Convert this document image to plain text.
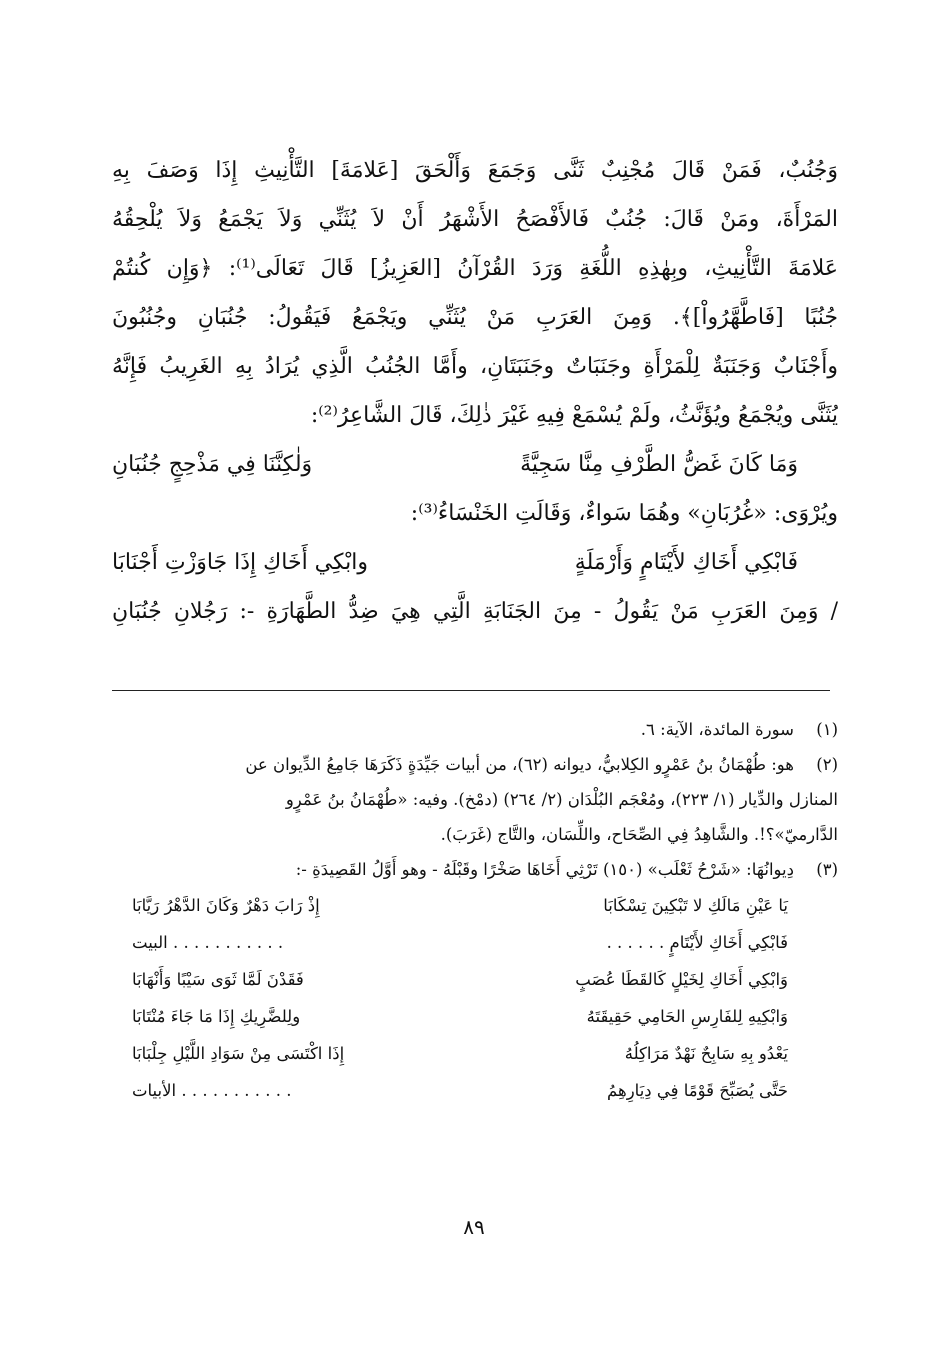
وَجُنُبٌ، فَمَنْ قَالَ مُجْنِبٌ ثَنَّى وَجَمَعَ وَأَلْحَقَ [عَلامَةَ] التَّأْنِيثِ إِذَا وَصَفَ بِهِ
المَرْأَةَ، ومَنْ قَالَ: جُنُبٌ فَالأَفْصَحُ الأَشْهَرُ أَنْ لاَ يُثَنِّي وَلاَ يَجْمَعُ وَلاَ يُلْحِقُهُ
عَلامَةَ التَّأْنِيثِ، وبِهٰذِهِ اللُّغَةِ وَرَدَ القُرْآنُ [العَزِيزُ] قَالَ تَعَالَى⁽¹⁾: ﴿وَإِن كُنتُمْ
جُنُبًا [فَاطَّهَّرُواْ]﴾. وَمِنَ العَرَبِ مَنْ يُثَنِّي ويَجْمَعُ فَيَقُولُ: جُنُبَانِ وجُنُبُونَ
وأَجْنَابٌ وَجَنَبَةٌ لِلْمَرْأَةِ وجَنَبَاتٌ وجَنَبَتَانِ، وأَمَّا الجُنُبُ الَّذِي يُرَادُ بِهِ الغَرِيبُ فَإِنَّهُ
يُثَنَّى ويُجْمَعُ ويُؤَنَّثُ، ولَمْ يُسْمَعْ فِيهِ غَيْرَ ذٰلِكَ، قَالَ الشَّاعِرُ⁽²⁾:
وَمَا كَانَ غَضُّ الطَّرْفِ مِنَّا سَجِيَّةً
وَلٰكِنَّنَا فِي مَذْحِجٍ جُنُبَانِ
ويُرْوَى: «غُرُبَانِ» وهُمَا سَواءٌ، وَقَالَتِ الخَنْسَاءُ⁽³⁾:
فَابْكِي أَخَاكِ لأَيْتَامٍ وَأَرْمَلَةٍ
وابْكِي أَخَاكِ إِذَا جَاوَزْتِ أَجْنَابَا
/ وَمِنَ العَرَبِ مَنْ يَقُولُ - مِنَ الجَنَابَةِ الَّتِي هِيَ ضِدُّ الطَّهَارَةِ -: رَجُلانِ جُنُبَانِ
(١)
سورة المائدة، الآية: ٦.
(٢)
هو: طُهْمَانُ بنُ عَمْرٍو الكِلابيُّ، ديوانه (٦٢)، من أبيات جَيِّدَةٍ ذَكَرَهَا جَامِعُ الدِّيوان عن
المنازل والدِّيار (١/ ٢٢٣)، ومُعْجَم البُلْدَان (٢/ ٢٦٤) (دمْخ). وفيه: «طُهْمَانُ بنُ عَمْرٍو
الدَّارميّ»؟!. والشَّاهِدُ فِي الصِّحَاح، واللِّسَان، والتَّاج (غَرَبَ).
(٣)
دِيوانُهَا: «شَرْحُ ثَعْلَب» (١٥٠) تَرْثِي أَخَاهَا صَخْرًا وقَبْلَهُ - وهو أَوَّلُ القَصِيدَةِ -:
يَا عَيْنِ مَالَكِ لا تَبْكِينَ تِسْكَابَا
إِذْ رَابَ دَهْرٌ وَكَانَ الدَّهْرُ رَيَّابَا
فَابْكِي أَخَاكِ لأَيْتَامٍ . . . . . .
. . . . . . . . . . . البيت
وَابْكِي أَخَاكِ لِخَيْلٍ كَالقَطَا عُصَبٍ
فَقَدْنَ لَمَّا ثَوَى سَيْبًا وَأَنْهَابَا
وَابْكِيهِ لِلفَارِسِ الحَامِي حَقِيقَتَهُ
ولِلضَّرِيكِ إِذَا مَا جَاءَ مُنْتَابَا
يَعْدُو بِهِ سَابِحٌ نَهْدٌ مَرَاكِلُهُ
إِذَا اكْتَسَى مِنْ سَوَادِ اللَّيْلِ جِلْبَابَا
حَتَّى يُصَبِّحَ قَوْمًا فِي دِيَارِهِمُ
. . . . . . . . . . . الأبيات
٨٩
